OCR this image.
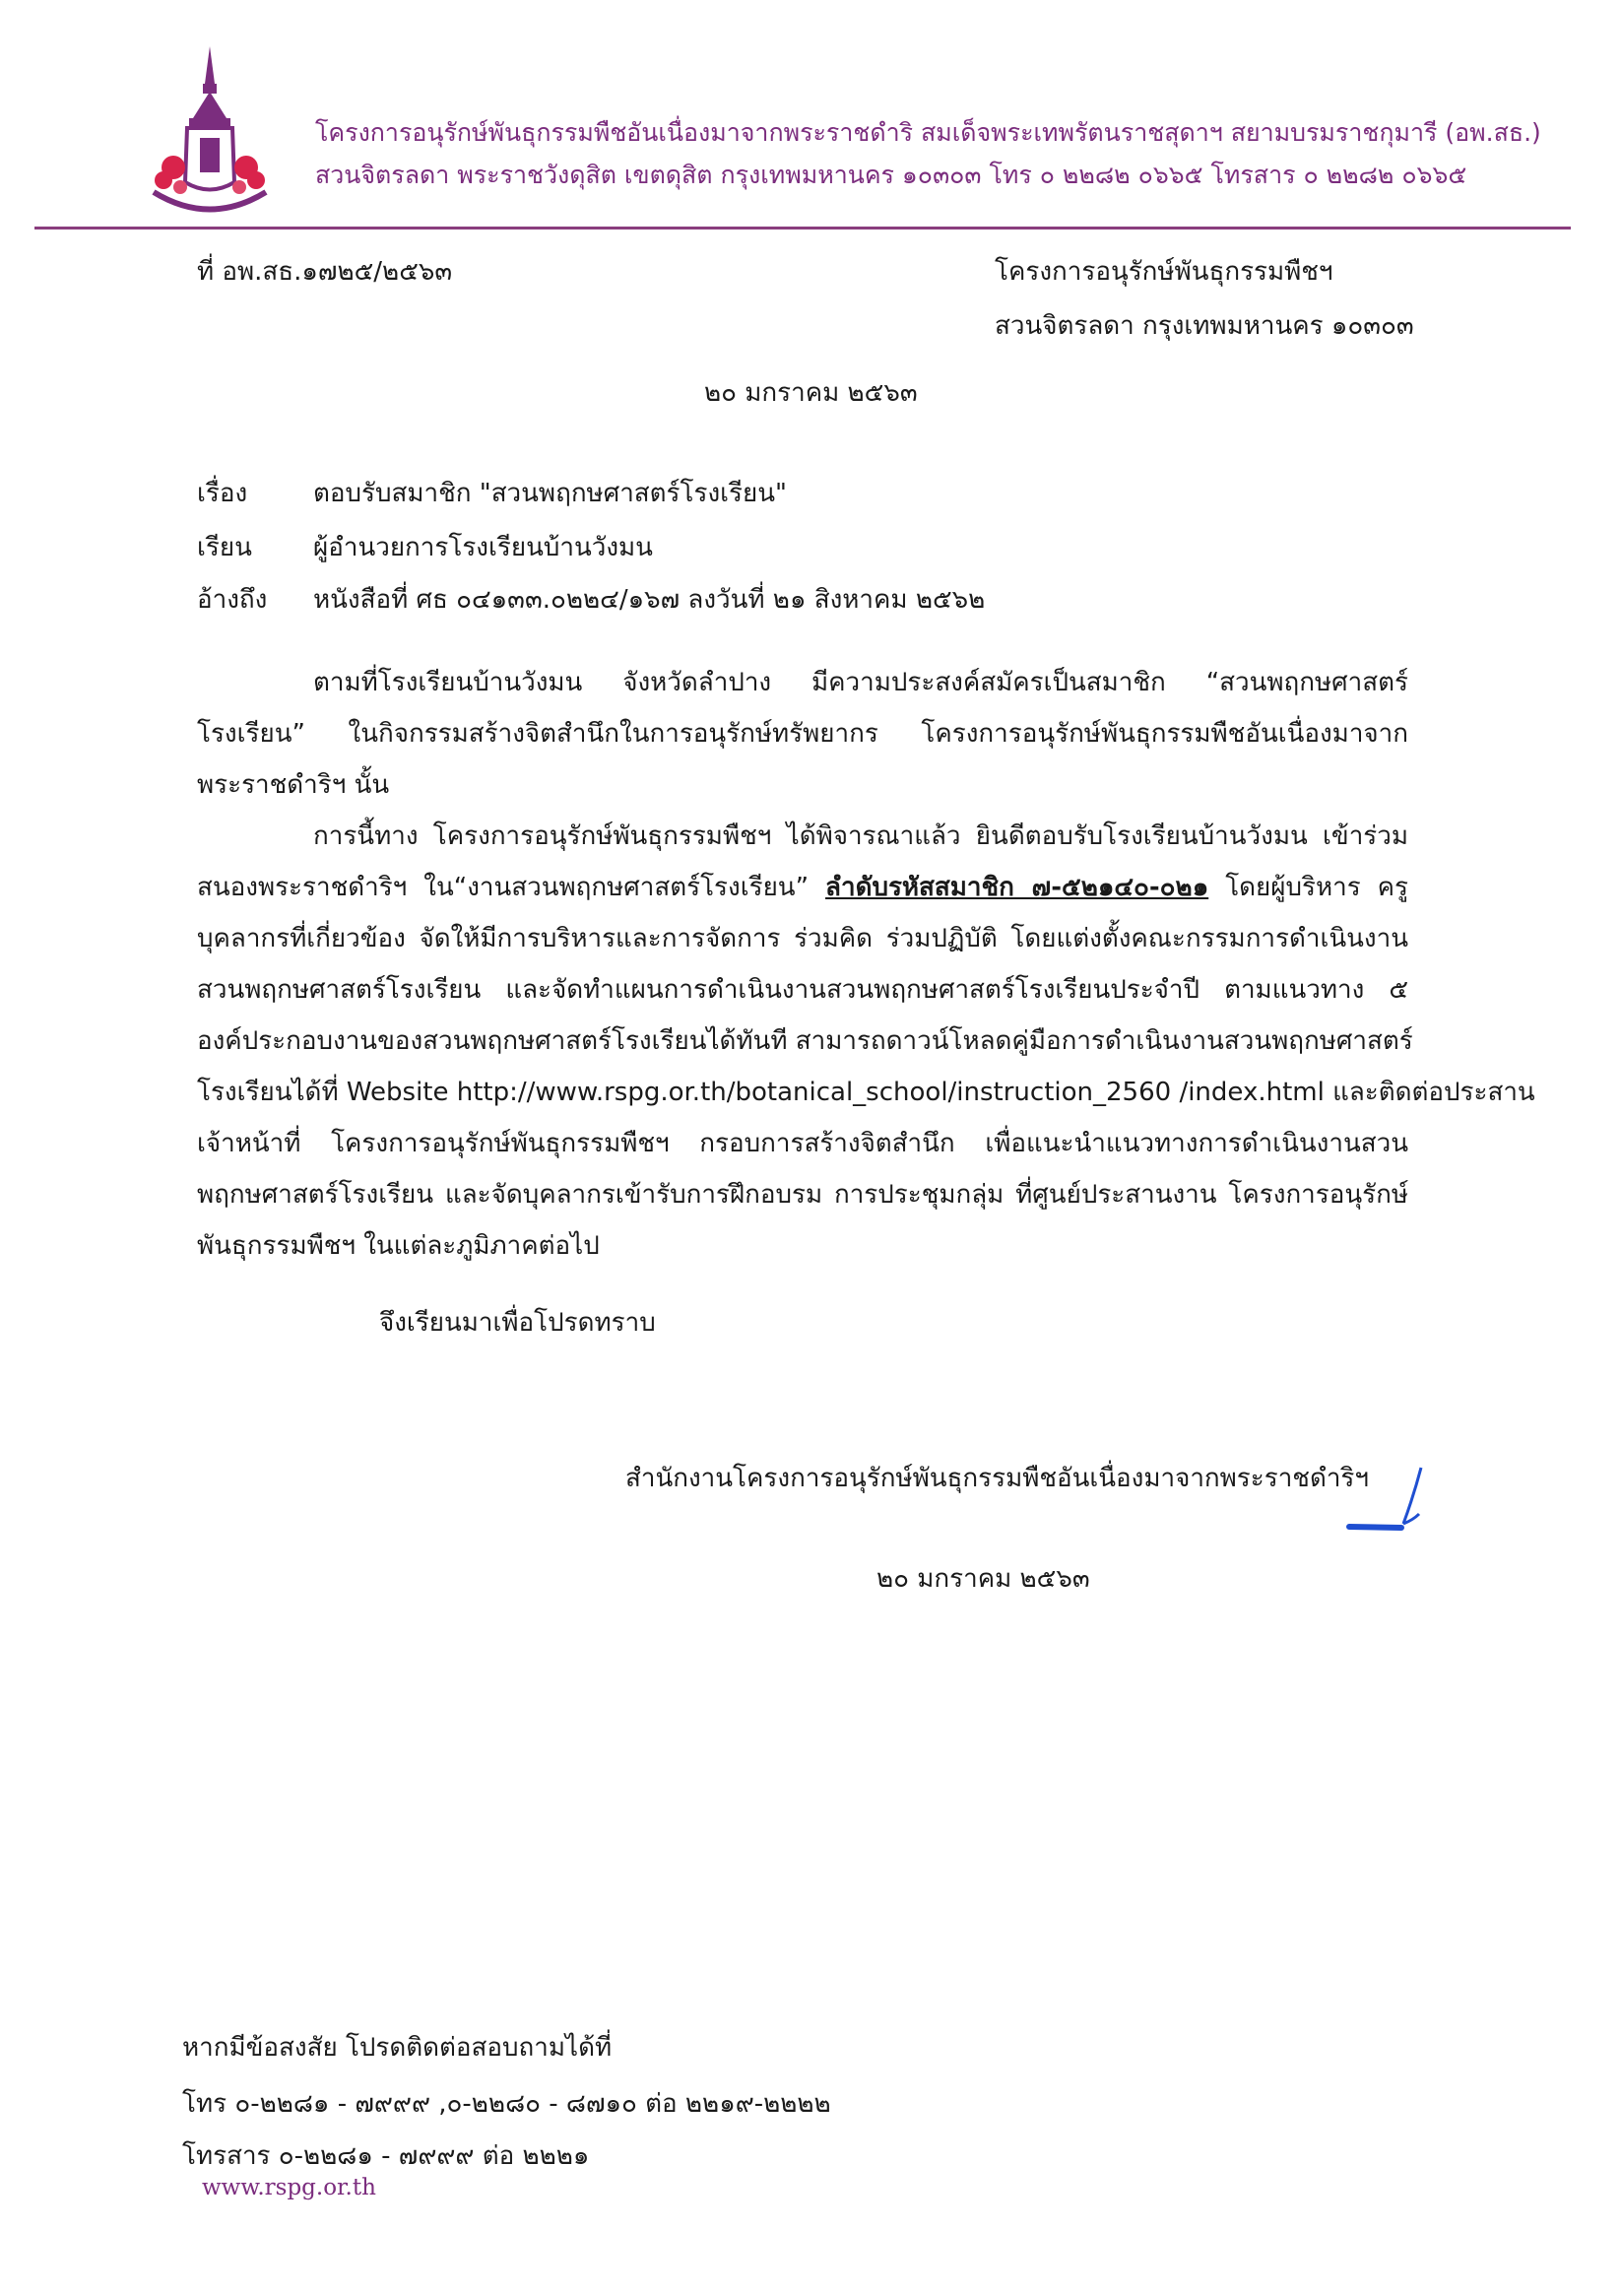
โครงการอนุรักษ์พันธุกรรมพืชอันเนื่องมาจากพระราชดำริ สมเด็จพระเทพรัตนราชสุดาฯ สยามบรมราชกุมารี (อพ.สธ.)
สวนจิตรลดา พระราชวังดุสิต เขตดุสิต กรุงเทพมหานคร ๑๐๓๐๓ โทร ๐ ๒๒๘๒ ๐๖๖๕ โทรสาร ๐ ๒๒๘๒ ๐๖๖๕
ที่ อพ.สธ.๑๗๒๕/๒๕๖๓	โครงการอนุรักษ์พันธุกรรมพืชฯ
สวนจิตรลดา กรุงเทพมหานคร ๑๐๓๐๓
๒๐ มกราคม ๒๕๖๓
เรื่อง	ตอบรับสมาชิก "สวนพฤกษศาสตร์โรงเรียน"
เรียน ผู้อำนวยการโรงเรียนบ้านวังมน
อ้างถึง หนังสือที่ ศธ ๐๔๑๓๓.๐๒๒๔/๑๖๗ ลงวันที่ ๒๑ สิงหาคม ๒๕๖๒
ตามที่โรงเรียนบ้านวังมน จังหวัดลำปาง มีความประสงค์สมัครเป็นสมาชิก “สวนพฤกษศาสตร์
โรงเรียน” ในกิจกรรมสร้างจิตสำนึกในการอนุรักษ์ทรัพยากร โครงการอนุรักษ์พันธุกรรมพืชอันเนื่องมาจาก
พระราชดำริฯ นั้น
การนี้ทาง โครงการอนุรักษ์พันธุกรรมพืชฯ ได้พิจารณาแล้ว ยินดีตอบรับโรงเรียนบ้านวังมน เข้าร่วม
สนองพระราชดำริฯ ใน“งานสวนพฤกษศาสตร์โรงเรียน” ลำดับรหัสสมาชิก ๗-๕๒๑๔๐-๐๒๑ โดยผู้บริหาร ครู
บุคลากรที่เกี่ยวข้อง จัดให้มีการบริหารและการจัดการ ร่วมคิด ร่วมปฏิบัติ โดยแต่งตั้งคณะกรรมการดำเนินงาน
สวนพฤกษศาสตร์โรงเรียน และจัดทำแผนการดำเนินงานสวนพฤกษศาสตร์โรงเรียนประจำปี ตามแนวทาง ๕
องค์ประกอบงานของสวนพฤกษศาสตร์โรงเรียนได้ทันที สามารถดาวน์โหลดคู่มือการดำเนินงานสวนพฤกษศาสตร์
โรงเรียนได้ที่ Website http://www.rspg.or.th/botanical_school/instruction_2560 /index.html และติดต่อประสาน
เจ้าหน้าที่ โครงการอนุรักษ์พันธุกรรมพืชฯ กรอบการสร้างจิตสำนึก เพื่อแนะนำแนวทางการดำเนินงานสวน
พฤกษศาสตร์โรงเรียน และจัดบุคลากรเข้ารับการฝึกอบรม การประชุมกลุ่ม ที่ศูนย์ประสานงาน โครงการอนุรักษ์
พันธุกรรมพืชฯ ในแต่ละภูมิภาคต่อไป
จึงเรียนมาเพื่อโปรดทราบ
สำนักงานโครงการอนุรักษ์พันธุกรรมพืชอันเนื่องมาจากพระราชดำริฯ
๒๐ มกราคม ๒๕๖๓
หากมีข้อสงสัย โปรดติดต่อสอบถามได้ที่
โทร ๐-๒๒๘๑ - ๗๙๙๙ ,๐-๒๒๘๐ - ๘๗๑๐ ต่อ ๒๒๑๙-๒๒๒๒
โทรสาร ๐-๒๒๘๑ - ๗๙๙๙ ต่อ ๒๒๒๑
www.rspg.or.th
